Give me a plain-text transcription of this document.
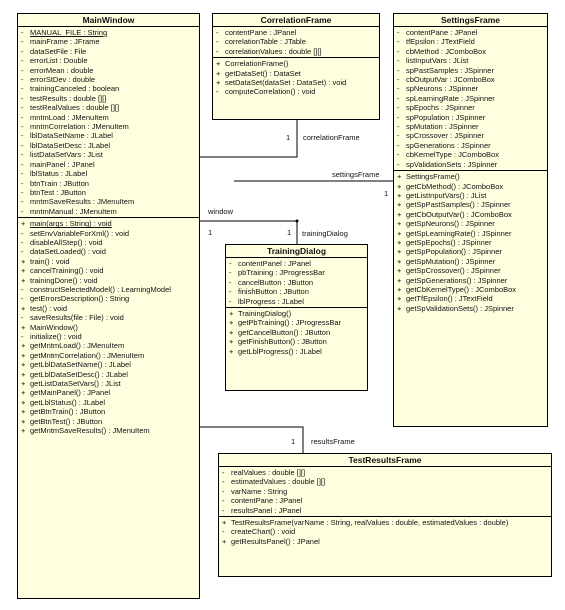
1 correlationFrame
settingsFrame
1
window
1	1 trainingDialog
1 resultsFrame
MainWindow
- MANUAL_FILE : String
- mainFrame : JFrame
- dataSetFile : File
- errorList : Double
- errorMean : double
- errorStDev : double
- trainingCanceled : boolean
- testResults : double [][]
- testRealValues : double [][]
- mntmLoad : JMenuItem
- mntmCorrelation : JMenuItem
- lblDataSetName : JLabel
- lblDataSetDesc : JLabel
- listDataSetVars : JList
- mainPanel : JPanel
- lblStatus : JLabel
- btnTrain : JButton
- btnTest : JButton
- mntmSaveResults : JMenuItem
- mntmManual : JMenuItem
+ main(args : String) : void
- setEnvVariableForXml() : void
- disableAllStep() : void
- dataSetLoaded() : void
+ train() : void
+ cancelTraining() : void
+ trainingDone() : void
- constructSelectedModel() : LearningModel
- getErrorsDescription() : String
+ test() : void
- saveResults(file : File) : void
+ MainWindow()
- initialize() : void
+ getMntmLoad() : JMenuItem
+ getMntmCorrelation() : JMenuItem
+ getLblDataSetName() : JLabel
+ getLblDataSetDesc() : JLabel
+ getListDataSetVars() : JList
+ getMainPanel() : JPanel
+ getLblStatus() : JLabel
+ getBtnTrain() : JButton
+ getBtnTest() : JButton
+ getMntmSaveResults() : JMenuItem
CorrelationFrame
- contentPane : JPanel
- correlationTable : JTable
- correlationValues : double [][]
+ CorrelationFrame()
+ getDataSet() : DataSet
+ setDataSet(dataSet : DataSet) : void
- computeCorrelation() : void
SettingsFrame
- contentPane : JPanel
- tfEpsilon : JTextField
- cbMethod : JComboBox
- listInputVars : JList
- spPastSamples : JSpinner
- cbOutputVar : JComboBox
- spNeurons : JSpinner
- spLearningRate : JSpinner
- spEpochs : JSpinner
- spPopulation : JSpinner
- spMutation : JSpinner
- spCrossover : JSpinner
- spGenerations : JSpinner
- cbKernelType : JComboBox
- spValidationSets : JSpinner
+ SettingsFrame()
+ getCbMethod() : JComboBox
+ getListInputVars() : JList
+ getSpPastSamples() : JSpinner
+ getCbOutputVar() : JComboBox
+ getSpNeurons() : JSpinner
+ getSpLearningRate() : JSpinner
+ getSpEpochs() : JSpinner
+ getSpPopulation() : JSpinner
+ getSpMutation() : JSpinner
+ getSpCrossover() : JSpinner
+ getSpGenerations() : JSpinner
+ getCbKernelType() : JComboBox
+ getTfEpsilon() : JTextField
+ getSpValidationSets() : JSpinner
TrainingDialog
- contentPanel : JPanel
- pbTraining : JProgressBar
- cancelButton : JButton
- finishButton : JButton
- lblProgress : JLabel
+ TrainingDialog()
+ getPbTraining() : JProgressBar
+ getCancelButton() : JButton
+ getFinishButton() : JButton
+ getLblProgress() : JLabel
TestResultsFrame
- realValues : double [][]
- estimatedValues : double [][]
- varName : String
- contentPane : JPanel
- resultsPanel : JPanel
+ TestResultsFrame(varName : String, realValues : double, estimatedValues : double)
- createChart() : void
+ getResultsPanel() : JPanel
